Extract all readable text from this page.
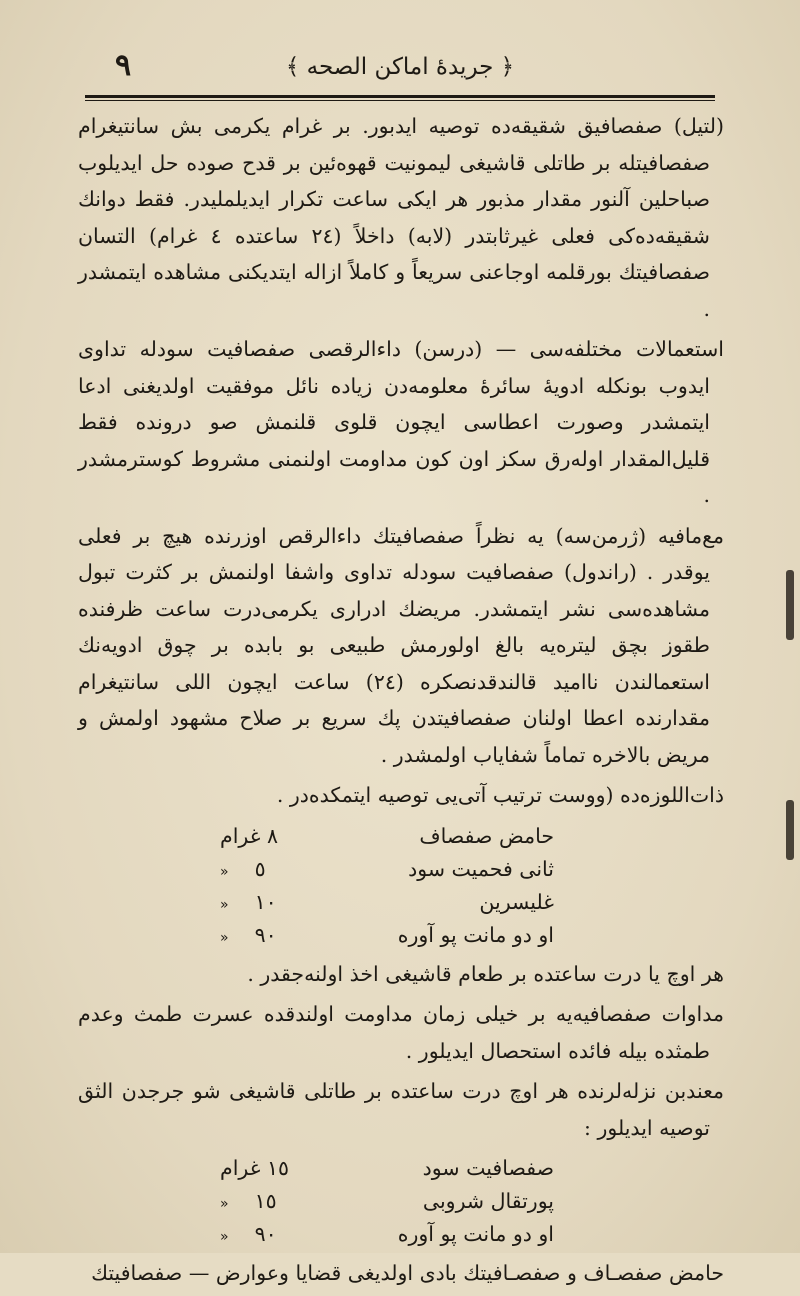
٩	﴿ جريدهٔ اماكن الصحه ﴾

(لتيل) صفصافيق شقيقه‌ده توصيه ايدبور. بر غرام يكرمی بش سانتيغرام صفصافيتله بر طاتلی قاشيغی ليمونيت قهوه‌ئين بر قدح صوده حل ايديلوب صباحلين آلنور مقدار مذبور هر ايكی ساعت تكرار ايديلمليدر. فقط دوانك شقيقه‌ده‌كی فعلی غيرثابتدر (لابه) داخلاً (٢٤ ساعتده ٤ غرام) التسان صفصافيتك بورقلمه اوجاعنی سريعاً و كاملاً ازاله ايتديكنی مشاهده ايتمشدر .

استعمالات مختلفه‌سی — (درسن) داءالرقصی صفصافيت سودله تداوی ايدوب بونكله ادويهٔ سائرهٔ معلومه‌دن زياده نائل موفقيت اولديغنی ادعا ايتمشدر وصورت اعطاسی ايچون قلوی قلنمش صو درونده فقط قليل‌المقدار اوله‌رق سكز اون كون مداومت اولنمنی مشروط كوسترمشدر .

مع‌مافيه (ژرمن‌سه) يه نظراً صفصافيتك داءالرقص اوزرنده هيچ بر فعلی يوقدر . (راندول) صفصافيت سودله تداوی واشفا اولنمش بر كثرت تبول مشاهده‌سی نشر ايتمشدر. مريضك ادراری يكرمی‌درت ساعت ظرفنده طقوز بچق ليتره‌يه بالغ اولورمش طبيعی بو بابده بر چوق ادويه‌نك استعمالندن ناامید قالندقدنصكره (٢٤) ساعت ايچون اللی سانتيغرام مقدارنده اعطا اولنان صفصافيتدن پك سريع بر صلاح مشهود اولمش و مريض بالاخره تماماً شفاياب اولمشدر .

ذات‌اللوزه‌ده (ووست ترتيب آتی‌يی توصيه ايتمكده‌در .

حامض صفصاف
٨ غرام
ثانی فحميت سود
٥    «
غليسرين
١٠    «
او دو مانت پو آوره
٩٠    «

هر اوچ يا درت ساعتده بر طعام قاشيغی اخذ اولنه‌جقدر .

مداوات صفصافيه‌يه بر خيلی زمان مداومت اولندقده عسرت طمث وعدم طمثده بيله فائده استحصال ايديلور .

معندبن نزله‌لرنده هر اوچ درت ساعتده بر طاتلی قاشيغی شو جرجدن الثق توصيه ايديلور :

صفصافيت سود
١٥ غرام
پورتقال شروبی
١٥    «
او دو مانت پو آوره
٩٠    «

حامض صفصـاف و صفصـافيتك بادی اولديغی قضايا وعوارض — صفصافيتك
